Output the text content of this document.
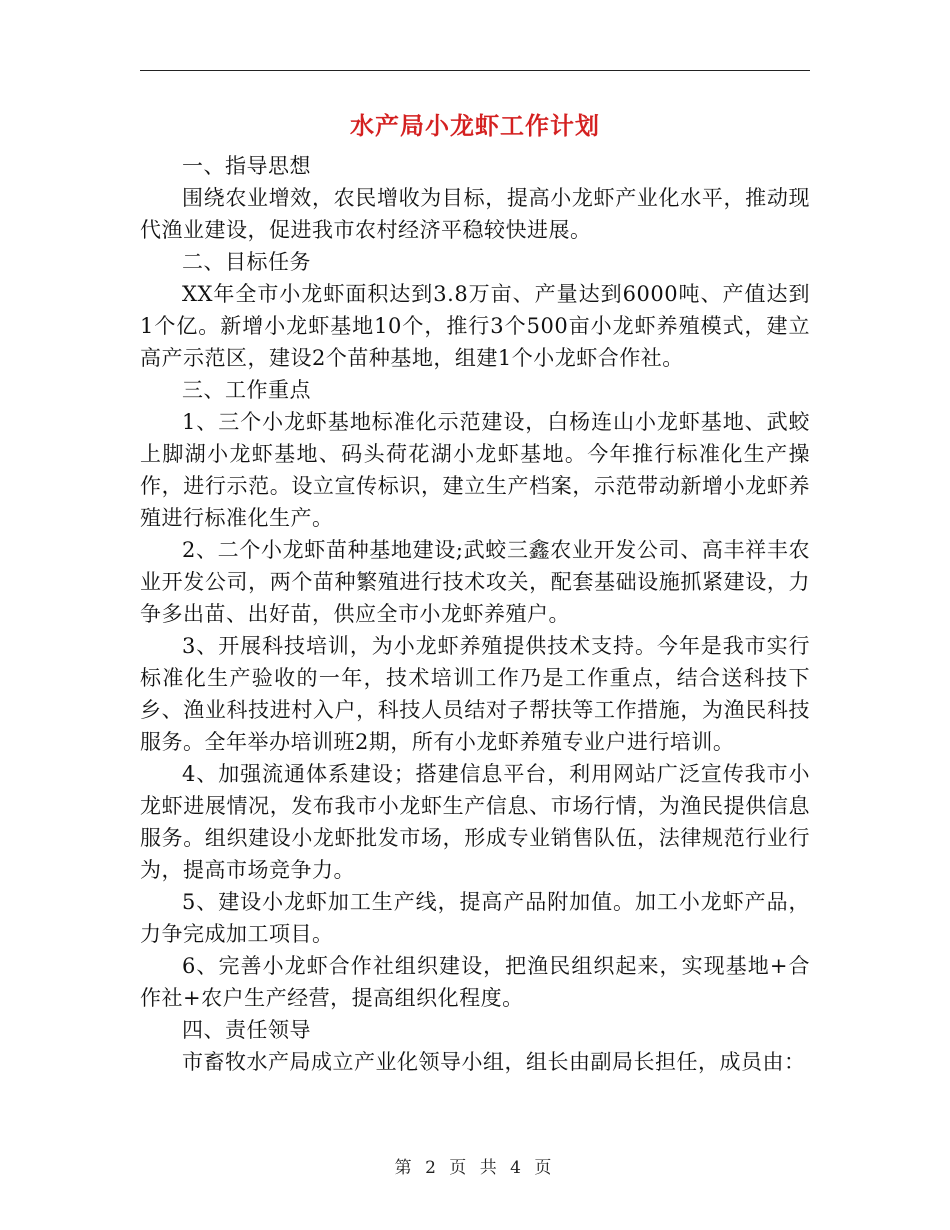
水产局小龙虾工作计划

一、指导思想

围绕农业增效，农民增收为目标，提高小龙虾产业化水平，推动现代渔业建设，促进我市农村经济平稳较快进展。

二、目标任务

XX年全市小龙虾面积达到3.8万亩、产量达到6000吨、产值达到1个亿。新增小龙虾基地10个，推行3个500亩小龙虾养殖模式，建立高产示范区，建设2个苗种基地，组建1个小龙虾合作社。

三、工作重点

1、三个小龙虾基地标准化示范建设，白杨连山小龙虾基地、武蛟上脚湖小龙虾基地、码头荷花湖小龙虾基地。今年推行标准化生产操作，进行示范。设立宣传标识，建立生产档案，示范带动新增小龙虾养殖进行标准化生产。

2、二个小龙虾苗种基地建设;武蛟三鑫农业开发公司、高丰祥丰农业开发公司，两个苗种繁殖进行技术攻关，配套基础设施抓紧建设，力争多出苗、出好苗，供应全市小龙虾养殖户。

3、开展科技培训，为小龙虾养殖提供技术支持。今年是我市实行标准化生产验收的一年，技术培训工作乃是工作重点，结合送科技下乡、渔业科技进村入户，科技人员结对子帮扶等工作措施，为渔民科技服务。全年举办培训班2期，所有小龙虾养殖专业户进行培训。

4、加强流通体系建设；搭建信息平台，利用网站广泛宣传我市小龙虾进展情况，发布我市小龙虾生产信息、市场行情，为渔民提供信息服务。组织建设小龙虾批发市场，形成专业销售队伍，法律规范行业行为，提高市场竞争力。

5、建设小龙虾加工生产线，提高产品附加值。加工小龙虾产品，力争完成加工项目。

6、完善小龙虾合作社组织建设，把渔民组织起来，实现基地+合作社+农户生产经营，提高组织化程度。

四、责任领导

市畜牧水产局成立产业化领导小组，组长由副局长担任，成员由：

第 2 页 共 4 页
